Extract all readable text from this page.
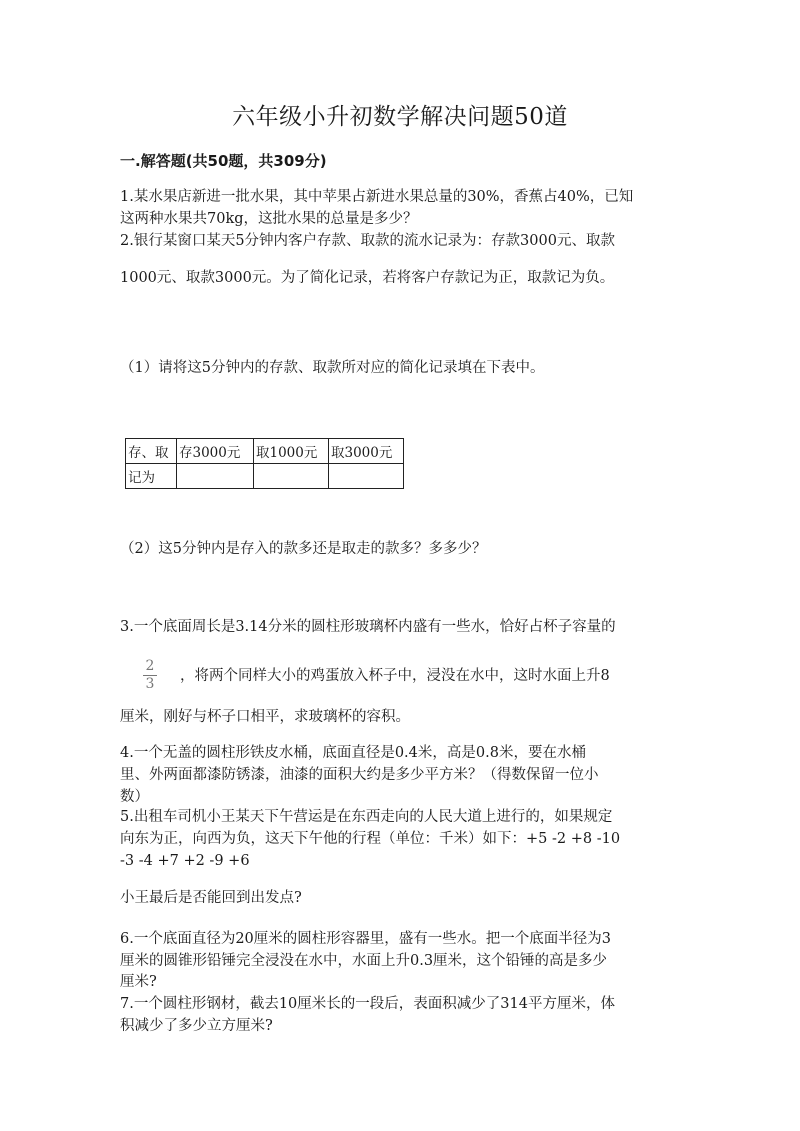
六年级小升初数学解决问题50道
一.解答题(共50题，共309分)
1.某水果店新进一批水果，其中苹果占新进水果总量的30%，香蕉占40%，已知
这两种水果共70kg，这批水果的总量是多少？
2.银行某窗口某天5分钟内客户存款、取款的流水记录为：存款3000元、取款
1000元、取款3000元。为了简化记录，若将客户存款记为正，取款记为负。
（1）请将这5分钟内的存款、取款所对应的简化记录填在下表中。
存、取	存3000元	取1000元	取3000元
记为			
（2）这5分钟内是存入的款多还是取走的款多？多多少？
3.一个底面周长是3.14分米的圆柱形玻璃杯内盛有一些水，恰好占杯子容量的
2
3 ，将两个同样大小的鸡蛋放入杯子中，浸没在水中，这时水面上升8
厘米，刚好与杯子口相平，求玻璃杯的容积。
4.一个无盖的圆柱形铁皮水桶，底面直径是0.4米，高是0.8米，要在水桶
里、外两面都漆防锈漆，油漆的面积大约是多少平方米？（得数保留一位小
数）
5.出租车司机小王某天下午营运是在东西走向的人民大道上进行的，如果规定
向东为正，向西为负，这天下午他的行程（单位：千米）如下：+5 -2 +8 -10
-3 -4 +7 +2 -9 +6
小王最后是否能回到出发点?
6.一个底面直径为20厘米的圆柱形容器里，盛有一些水。把一个底面半径为3
厘米的圆锥形铅锤完全浸没在水中，水面上升0.3厘米，这个铅锤的高是多少
厘米?
7.一个圆柱形钢材，截去10厘米长的一段后，表面积减少了314平方厘米，体
积减少了多少立方厘米?
